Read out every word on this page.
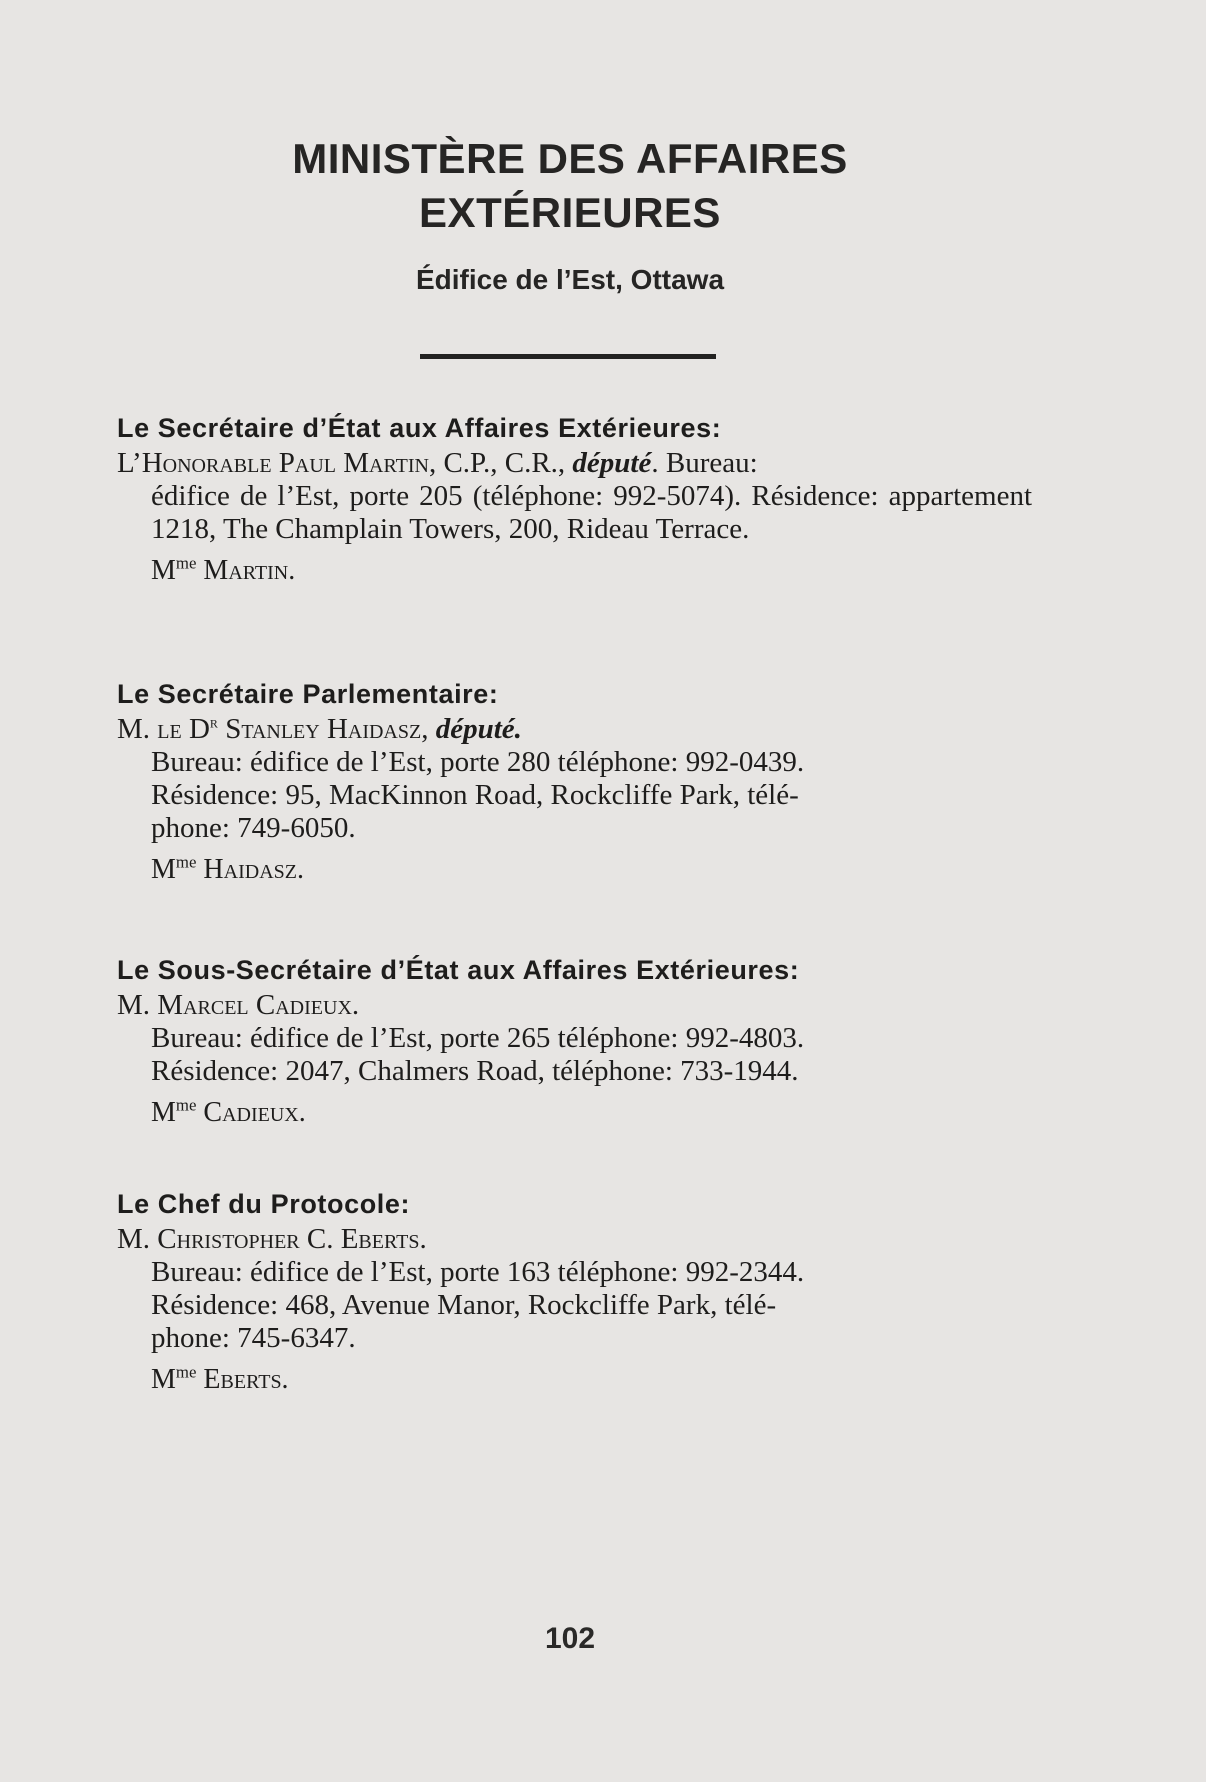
MINISTÈRE DES AFFAIRES
EXTÉRIEURES
Édifice de l’Est, Ottawa
Le Secrétaire d’État aux Affaires Extérieures:
L’Honorable Paul Martin, C.P., C.R., député. Bureau:
édifice de l’Est, porte 205 (téléphone: 992-5074). Résidence: appartement 1218, The Champlain Towers, 200, Rideau Terrace.
$M^{me}$ Martin.
Le Secrétaire Parlementaire:
M. le $D^r$ Stanley Haidasz, député.
Bureau: édifice de l’Est, porte 280 téléphone: 992-0439.
Résidence: 95, MacKinnon Road, Rockcliffe Park, télé-
phone: 749-6050.
$M^{me}$ Haidasz.
Le Sous-Secrétaire d’État aux Affaires Extérieures:
M. Marcel Cadieux.
Bureau: édifice de l’Est, porte 265 téléphone: 992-4803.
Résidence: 2047, Chalmers Road, téléphone: 733-1944.
$M^{me}$ Cadieux.
Le Chef du Protocole:
M. Christopher C. Eberts.
Bureau: édifice de l’Est, porte 163 téléphone: 992-2344.
Résidence: 468, Avenue Manor, Rockcliffe Park, télé-
phone: 745-6347.
$M^{me}$ Eberts.
102
